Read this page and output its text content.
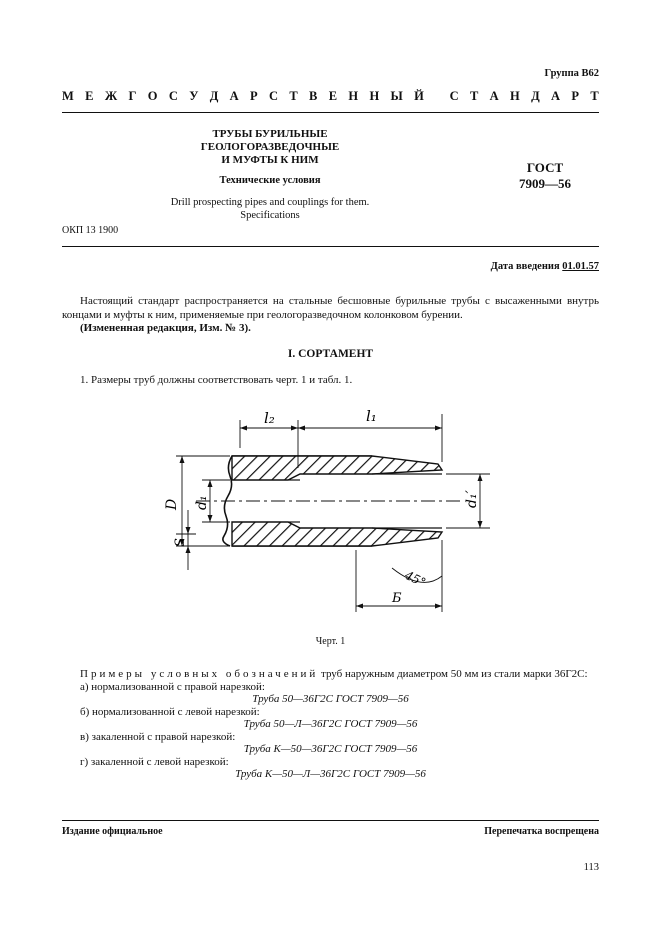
Группа В62
М Е Ж Г О С У Д А Р С Т В Е Н Н Ы Й
С Т А Н Д А Р Т
ТРУБЫ БУРИЛЬНЫЕ
ГЕОЛОГОРАЗВЕДОЧНЫЕ
И МУФТЫ К НИМ
Технические условия
Drill prospecting pipes and couplings for them.
Specifications
ГОСТ
7909—56
ОКП 13 1900
Дата введения 01.01.57
Настоящий стандарт распространяется на стальные бесшовные бурильные трубы с высаженными внутрь концами и муфты к ним, применяемые при геологоразведочном колонковом бурении.
(Измененная редакция, Изм. № 3).
I. СОРТАМЕНТ
1. Размеры труб должны соответствовать черт. 1 и табл. 1.
l₂	l₁
D d₁	d₁′
S
45°
Б
Черт. 1
Примеры условных обозначений труб наружным диаметром 50 мм из стали марки 36Г2С:
а) нормализованной с правой нарезкой:
Труба 50—36Г2С ГОСТ 7909—56
б) нормализованной с левой нарезкой:
Труба 50—Л—36Г2С ГОСТ 7909—56
в) закаленной с правой нарезкой:
Труба К—50—36Г2С ГОСТ 7909—56
г) закаленной с левой нарезкой:
Труба К—50—Л—36Г2С ГОСТ 7909—56
Издание официальное	Перепечатка воспрещена
113
